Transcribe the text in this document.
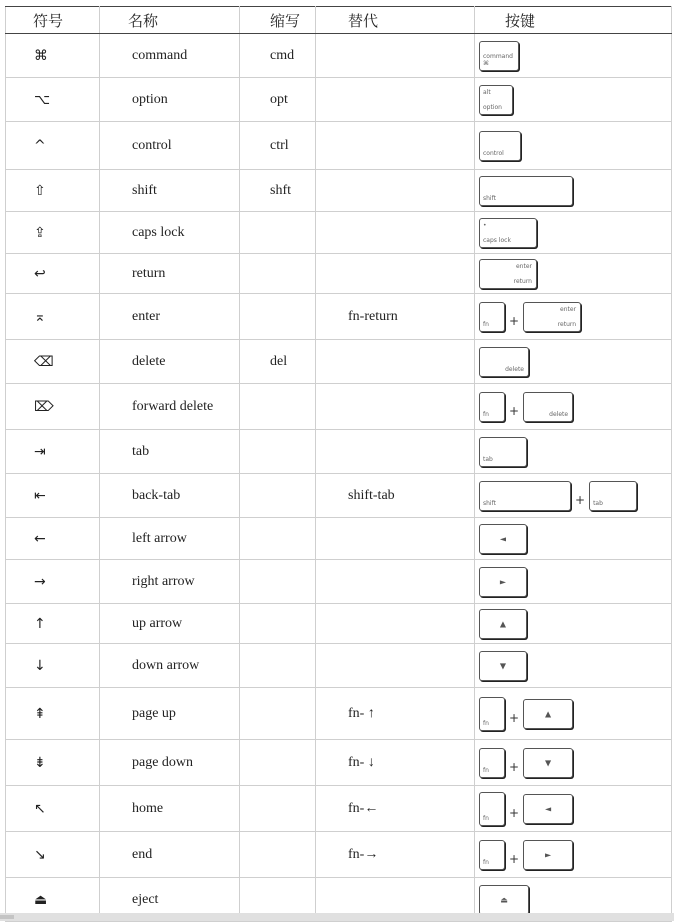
符号	名称	缩写	替代	按键
⌘	command	cmd		command ⌘

⌥	option	opt		alt
option

^	control	ctrl		control

⇧	shift	shft		shift

⇪	caps lock			•
caps lock

↩	return			enter
return

⌅	enter		fn-return	fn +
enter
return

⌫	delete	del		delete

⌦	forward delete			fn + delete

⇥	tab			tab

⇤	back-tab		shift-tab	shift + tab

←	left arrow			◄

→	right arrow			►

↑	up arrow			▲

↓	down arrow			▼

⇞	page up		fn- ↑	fn + ▲

⇟	page down		fn- ↓	fn + ▼

↖	home		fn-←	fn + ◄

↘	end		fn-→	fn + ►

⏏	eject			⏏
